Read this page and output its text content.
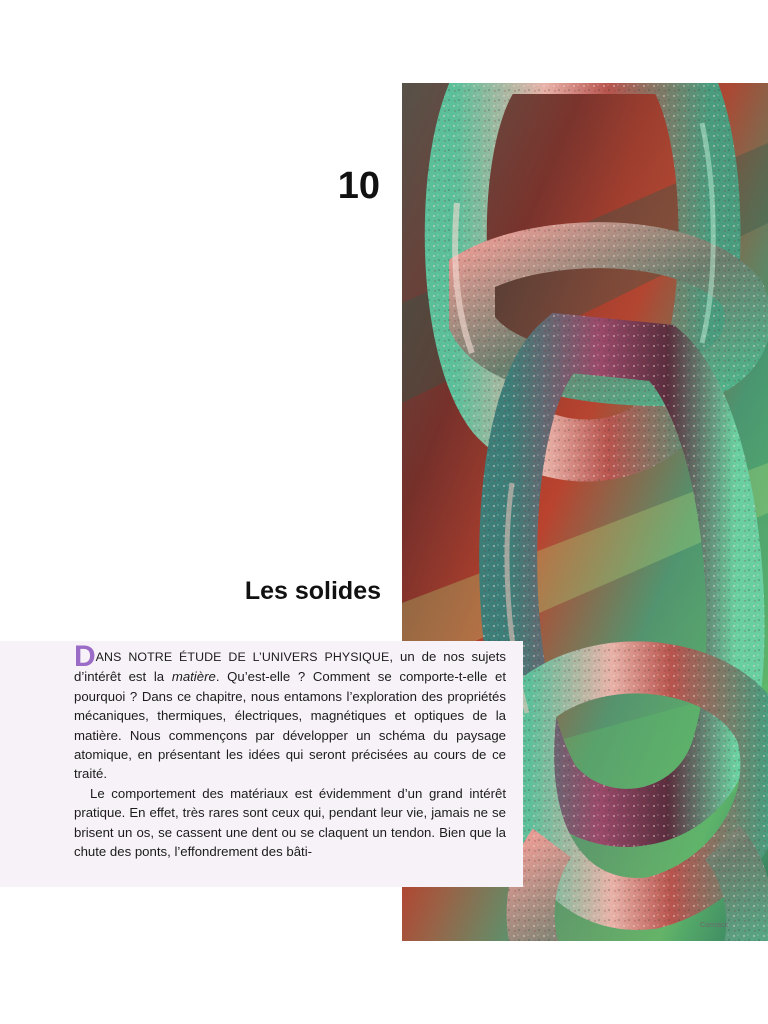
10
Les solides

DANS NOTRE ÉTUDE DE L’UNIVERS PHYSIQUE, un de nos sujets d’intérêt est la matière. Qu’est-elle ? Comment se comporte-t-elle et pourquoi ? Dans ce chapitre, nous entamons l’exploration des propriétés mécaniques, thermiques, électriques, magnétiques et optiques de la matière. Nous commençons par développer un schéma du paysage atomique, en présentant les idées qui seront précisées au cours de ce traité.

Le comportement des matériaux est évidemment d’un grand intérêt pratique. En effet, très rares sont ceux qui, pendant leur vie, jamais ne se brisent un os, se cassent une dent ou se claquent un tendon. Bien que la chute des ponts, l’effondrement des bâti-

Cormack
